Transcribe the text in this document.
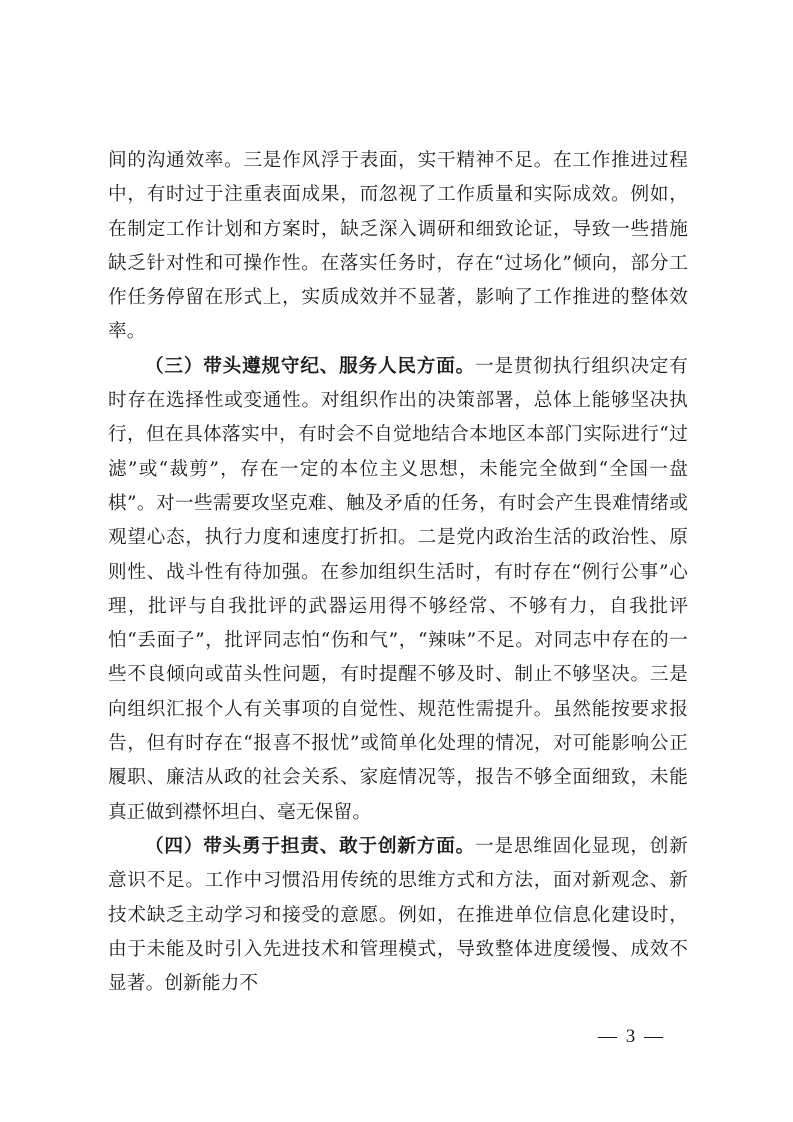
间的沟通效率。三是作风浮于表面，实干精神不足。在工作推进过程中，有时过于注重表面成果，而忽视了工作质量和实际成效。例如，在制定工作计划和方案时，缺乏深入调研和细致论证，导致一些措施缺乏针对性和可操作性。在落实任务时，存在“过场化”倾向，部分工作任务停留在形式上，实质成效并不显著，影响了工作推进的整体效率。

（三）带头遵规守纪、服务人民方面。一是贯彻执行组织决定有时存在选择性或变通性。对组织作出的决策部署，总体上能够坚决执行，但在具体落实中，有时会不自觉地结合本地区本部门实际进行“过滤”或“裁剪”，存在一定的本位主义思想，未能完全做到“全国一盘棋”。对一些需要攻坚克难、触及矛盾的任务，有时会产生畏难情绪或观望心态，执行力度和速度打折扣。二是党内政治生活的政治性、原则性、战斗性有待加强。在参加组织生活时，有时存在“例行公事”心理，批评与自我批评的武器运用得不够经常、不够有力，自我批评怕“丢面子”，批评同志怕“伤和气”，“辣味”不足。对同志中存在的一些不良倾向或苗头性问题，有时提醒不够及时、制止不够坚决。三是向组织汇报个人有关事项的自觉性、规范性需提升。虽然能按要求报告，但有时存在“报喜不报忧”或简单化处理的情况，对可能影响公正履职、廉洁从政的社会关系、家庭情况等，报告不够全面细致，未能真正做到襟怀坦白、毫无保留。

（四）带头勇于担责、敢于创新方面。一是思维固化显现，创新意识不足。工作中习惯沿用传统的思维方式和方法，面对新观念、新技术缺乏主动学习和接受的意愿。例如，在推进单位信息化建设时，由于未能及时引入先进技术和管理模式，导致整体进度缓慢、成效不显著。创新能力不

— 3 —
